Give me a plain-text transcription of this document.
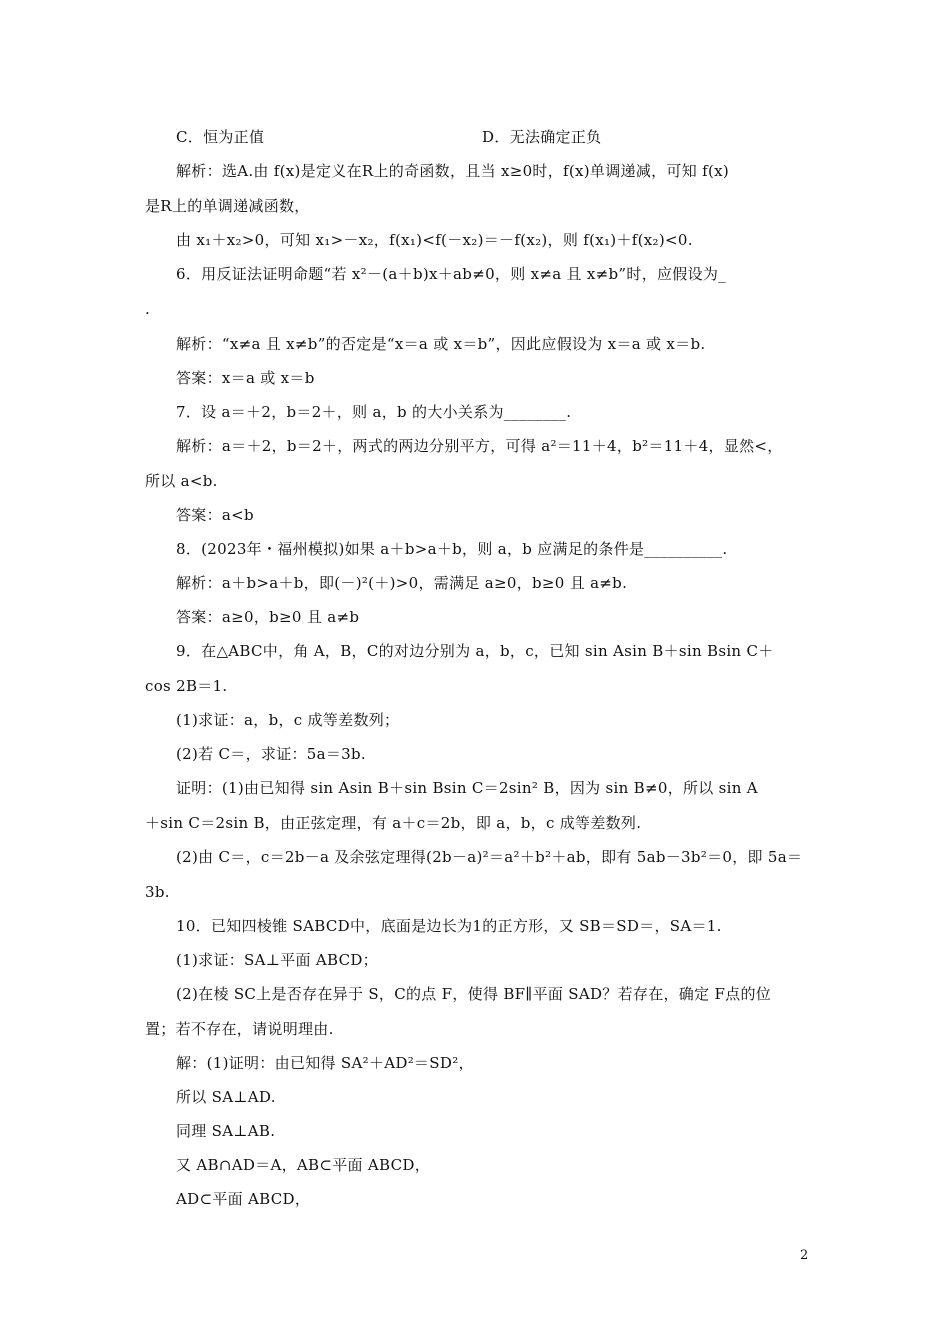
C．恒为正值	D．无法确定正负
解析：选A.由 f(x)是定义在R上的奇函数，且当 x≥0时，f(x)单调递减，可知 f(x)
是R上的单调递减函数，
由 x₁＋x₂>0，可知 x₁>－x₂，f(x₁)<f(－x₂)＝－f(x₂)，则 f(x₁)＋f(x₂)<0.
6．用反证法证明命题“若 x²－(a＋b)x＋ab≠0，则 x≠a 且 x≠b”时，应假设为_
.
解析：“x≠a 且 x≠b”的否定是“x＝a 或 x＝b”，因此应假设为 x＝a 或 x＝b.
答案：x＝a 或 x＝b
7．设 a＝＋2，b＝2＋，则 a，b 的大小关系为________.
解析：a＝＋2，b＝2＋，两式的两边分别平方，可得 a²＝11＋4，b²＝11＋4，显然<，
所以 a<b.
答案：a<b
8．(2023年・福州模拟)如果 a＋b>a＋b，则 a，b 应满足的条件是__________.
解析：a＋b>a＋b，即(－)²(＋)>0，需满足 a≥0，b≥0 且 a≠b.
答案：a≥0，b≥0 且 a≠b
9．在△ABC中，角 A，B，C的对边分别为 a，b，c，已知 sin Asin B＋sin Bsin C＋
cos 2B＝1.
(1)求证：a，b，c 成等差数列；
(2)若 C＝，求证：5a＝3b.
证明：(1)由已知得 sin Asin B＋sin Bsin C＝2sin² B，因为 sin B≠0，所以 sin A
＋sin C＝2sin B，由正弦定理，有 a＋c＝2b，即 a，b，c 成等差数列.
(2)由 C＝，c＝2b－a 及余弦定理得(2b－a)²＝a²＋b²＋ab，即有 5ab－3b²＝0，即 5a＝
3b.
10．已知四棱锥 SABCD中，底面是边长为1的正方形，又 SB＝SD＝，SA＝1.
(1)求证：SA⊥平面 ABCD；
(2)在棱 SC上是否存在异于 S，C的点 F，使得 BF∥平面 SAD？若存在，确定 F点的位
置；若不存在，请说明理由.
解：(1)证明：由已知得 SA²＋AD²＝SD²，
所以 SA⊥AD.
同理 SA⊥AB.
又 AB∩AD＝A，AB⊂平面 ABCD，
AD⊂平面 ABCD，
2
